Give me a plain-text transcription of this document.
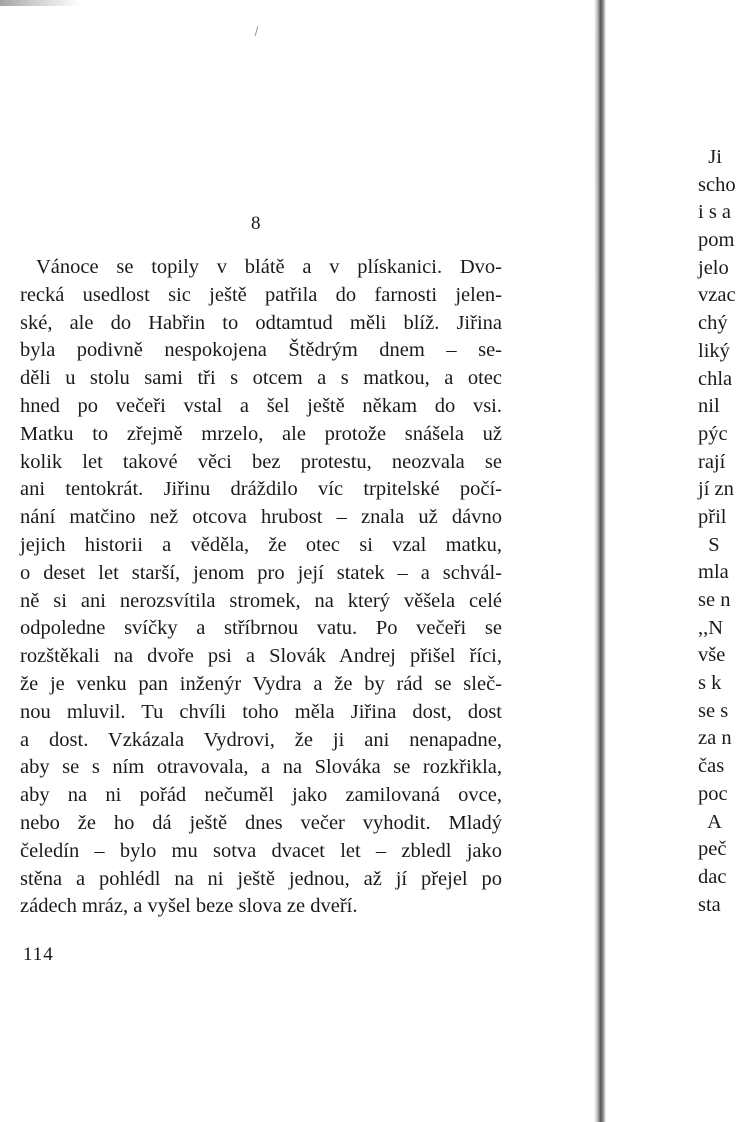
8
Vánoce se topily v blátě a v plískanici. Dvo-
recká usedlost sic ještě patřila do farnosti jelen-
ské, ale do Habřin to odtamtud měli blíž. Jiřina
byla podivně nespokojena Štědrým dnem – se-
děli u stolu sami tři s otcem a s matkou, a otec
hned po večeři vstal a šel ještě někam do vsi.
Matku to zřejmě mrzelo, ale protože snášela už
kolik let takové věci bez protestu, neozvala se
ani tentokrát. Jiřinu dráždilo víc trpitelské počí-
nání matčino než otcova hrubost – znala už dávno
jejich historii a věděla, že otec si vzal matku,
o deset let starší, jenom pro její statek – a schvál-
ně si ani nerozsvítila stromek, na který věšela celé
odpoledne svíčky a stříbrnou vatu. Po večeři se
rozštěkali na dvoře psi a Slovák Andrej přišel říci,
že je venku pan inženýr Vydra a že by rád se sleč-
nou mluvil. Tu chvíli toho měla Jiřina dost, dost
a dost. Vzkázala Vydrovi, že ji ani nenapadne,
aby se s ním otravovala, a na Slováka se rozkřikla,
aby na ni pořád nečuměl jako zamilovaná ovce,
nebo že ho dá ještě dnes večer vyhodit. Mladý
čeledín – bylo mu sotva dvacet let – zbledl jako
stěna a pohlédl na ni ještě jednou, až jí přejel po
zádech mráz, a vyšel beze slova ze dveří.
114
Ji
scho
i s a
pom
jelo
vzac
chý
liký
chla
nil
pýc
rají
jí zn
přil
S
mla
se n
,,N
vše
s k
se s
za n
čas
poc
A
peč
dac
sta
